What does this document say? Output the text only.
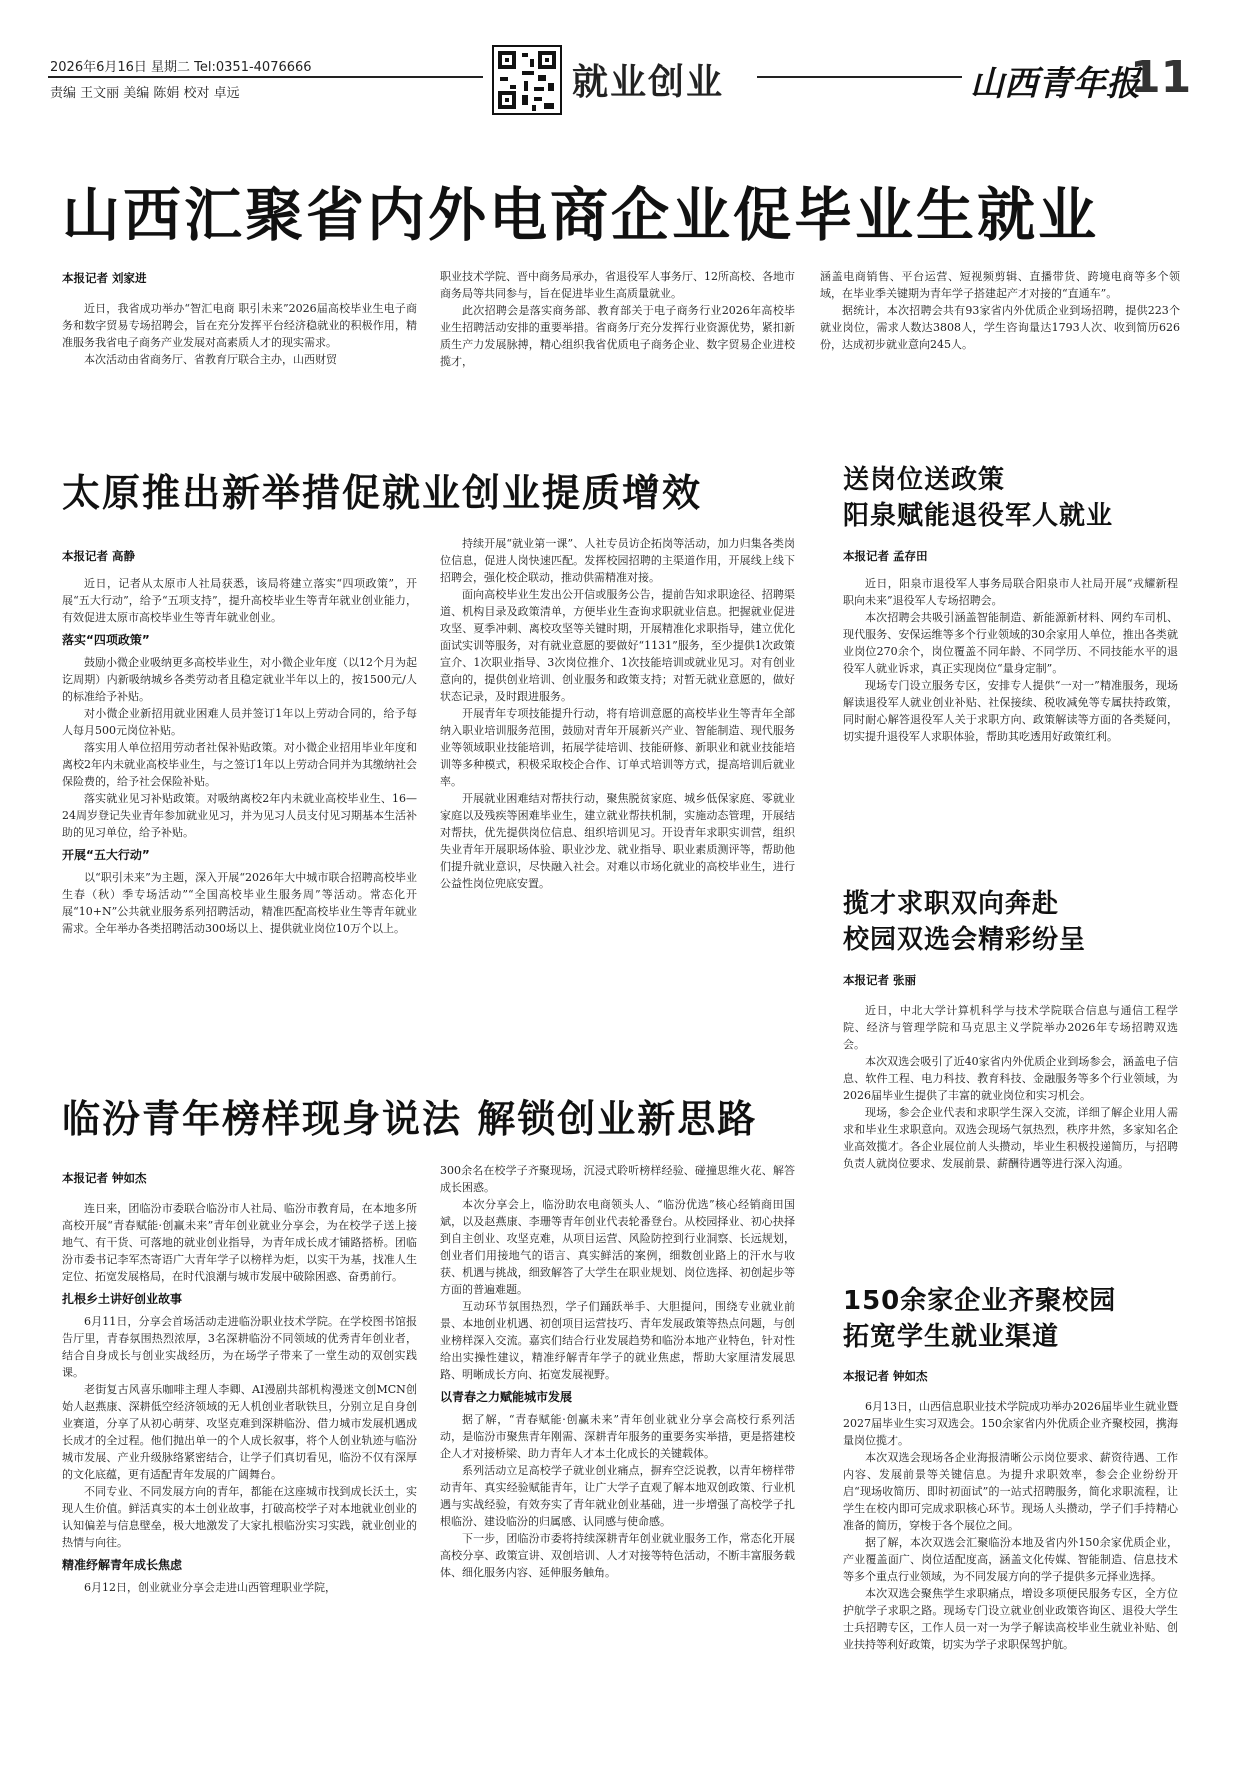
2026年6月16日 星期二 Tel:0351-4076666
责编 王文丽 美编 陈娟 校对 卓远	就业创业	山西青年报
11
山西汇聚省内外电商企业促毕业生就业
本报记者 刘家进

近日，我省成功举办“智汇电商 职引未来”2026届高校毕业生电子商务和数字贸易专场招聘会，旨在充分发挥平台经济稳就业的积极作用，精准服务我省电子商务产业发展对高素质人才的现实需求。

本次活动由省商务厅、省教育厅联合主办，山西财贸

职业技术学院、晋中商务局承办，省退役军人事务厅、12所高校、各地市商务局等共同参与，旨在促进毕业生高质量就业。

此次招聘会是落实商务部、教育部关于电子商务行业2026年高校毕业生招聘活动安排的重要举措。省商务厅充分发挥行业资源优势，紧扣新质生产力发展脉搏，精心组织我省优质电子商务企业、数字贸易企业进校揽才，

涵盖电商销售、平台运营、短视频剪辑、直播带货、跨境电商等多个领域，在毕业季关键期为青年学子搭建起产才对接的“直通车”。

据统计，本次招聘会共有93家省内外优质企业到场招聘，提供223个就业岗位，需求人数达3808人，学生咨询量达1793人次、收到简历626份，达成初步就业意向245人。

太原推出新举措促就业创业提质增效
本报记者 高静

近日，记者从太原市人社局获悉，该局将建立落实“四项政策”，开展“五大行动”，给予“五项支持”，提升高校毕业生等青年就业创业能力，有效促进太原市高校毕业生等青年就业创业。

落实“四项政策”

鼓励小微企业吸纳更多高校毕业生，对小微企业年度（以12个月为起讫周期）内新吸纳城乡各类劳动者且稳定就业半年以上的，按1500元/人的标准给予补贴。

对小微企业新招用就业困难人员并签订1年以上劳动合同的，给予每人每月500元岗位补贴。

落实用人单位招用劳动者社保补贴政策。对小微企业招用毕业年度和离校2年内未就业高校毕业生，与之签订1年以上劳动合同并为其缴纳社会保险费的，给予社会保险补贴。

落实就业见习补贴政策。对吸纳离校2年内未就业高校毕业生、16—24周岁登记失业青年参加就业见习，并为见习人员支付见习期基本生活补助的见习单位，给予补贴。

开展“五大行动”

以“职引未来”为主题，深入开展“2026年大中城市联合招聘高校毕业生春（秋）季专场活动”“全国高校毕业生服务周”等活动。常态化开展“10+N”公共就业服务系列招聘活动，精准匹配高校毕业生等青年就业需求。全年举办各类招聘活动300场以上、提供就业岗位10万个以上。

持续开展“就业第一课”、人社专员访企拓岗等活动，加力归集各类岗位信息，促进人岗快速匹配。发挥校园招聘的主渠道作用，开展线上线下招聘会，强化校企联动，推动供需精准对接。

面向高校毕业生发出公开信或服务公告，提前告知求职途径、招聘渠道、机构目录及政策清单，方便毕业生查询求职就业信息。把握就业促进攻坚、夏季冲刺、离校攻坚等关键时期，开展精准化求职指导，建立优化面试实训等服务，对有就业意愿的要做好“1131”服务，至少提供1次政策宣介、1次职业指导、3次岗位推介、1次技能培训或就业见习。对有创业意向的，提供创业培训、创业服务和政策支持；对暂无就业意愿的，做好状态记录，及时跟进服务。

开展青年专项技能提升行动，将有培训意愿的高校毕业生等青年全部纳入职业培训服务范围，鼓励对青年开展新兴产业、智能制造、现代服务业等领域职业技能培训，拓展学徒培训、技能研修、新职业和就业技能培训等多种模式，积极采取校企合作、订单式培训等方式，提高培训后就业率。

开展就业困难结对帮扶行动，聚焦脱贫家庭、城乡低保家庭、零就业家庭以及残疾等困难毕业生，建立就业帮扶机制，实施动态管理，开展结对帮扶，优先提供岗位信息、组织培训见习。开设青年求职实训营，组织失业青年开展职场体验、职业沙龙、就业指导、职业素质测评等，帮助他们提升就业意识，尽快融入社会。对难以市场化就业的高校毕业生，进行公益性岗位兜底安置。

临汾青年榜样现身说法 解锁创业新思路
本报记者 钟如杰

连日来，团临汾市委联合临汾市人社局、临汾市教育局，在本地多所高校开展“青春赋能·创赢未来”青年创业就业分享会，为在校学子送上接地气、有干货、可落地的就业创业指导，为青年成长成才铺路搭桥。团临汾市委书记李军杰寄语广大青年学子以榜样为炬，以实干为基，找准人生定位、拓宽发展格局，在时代浪潮与城市发展中破除困惑、奋勇前行。

扎根乡土讲好创业故事

6月11日，分享会首场活动走进临汾职业技术学院。在学校图书馆报告厅里，青春氛围热烈浓厚，3名深耕临汾不同领域的优秀青年创业者，结合自身成长与创业实战经历，为在场学子带来了一堂生动的双创实践课。

老街复古风喜乐咖啡主理人李卿、AI漫剧共部机构漫迷文创MCN创始人赵燕康、深耕低空经济领域的无人机创业者耿铁旦，分别立足自身创业赛道，分享了从初心萌芽、攻坚克难到深耕临汾、借力城市发展机遇成长成才的全过程。他们抛出单一的个人成长叙事，将个人创业轨迹与临汾城市发展、产业升级脉络紧密结合，让学子们真切看见，临汾不仅有深厚的文化底蕴，更有适配青年发展的广阔舞台。

不同专业、不同发展方向的青年，都能在这座城市找到成长沃土，实现人生价值。鲜活真实的本土创业故事，打破高校学子对本地就业创业的认知偏差与信息壁垒，极大地激发了大家扎根临汾实习实践，就业创业的热情与向往。

精准纾解青年成长焦虑

6月12日，创业就业分享会走进山西管理职业学院，

300余名在校学子齐聚现场，沉浸式聆听榜样经验、碰撞思维火花、解答成长困惑。

本次分享会上，临汾助农电商领头人、“临汾优选”核心经销商田国斌，以及赵燕康、李珊等青年创业代表轮番登台。从校园择业、初心抉择到自主创业、攻坚克难，从项目运营、风险防控到行业洞察、长远规划，创业者们用接地气的语言、真实鲜活的案例，细数创业路上的汗水与收获、机遇与挑战，细致解答了大学生在职业规划、岗位选择、初创起步等方面的普遍难题。

互动环节氛围热烈，学子们踊跃举手、大胆提问，围绕专业就业前景、本地创业机遇、初创项目运营技巧、青年发展政策等热点问题，与创业榜样深入交流。嘉宾们结合行业发展趋势和临汾本地产业特色，针对性给出实操性建议，精准纾解青年学子的就业焦虑，帮助大家厘清发展思路、明晰成长方向、拓宽发展视野。

以青春之力赋能城市发展

据了解，“青春赋能·创赢未来”青年创业就业分享会高校行系列活动，是临汾市聚焦青年刚需、深耕青年服务的重要务实举措，更是搭建校企人才对接桥梁、助力青年人才本土化成长的关键载体。

系列活动立足高校学子就业创业痛点，摒弃空泛说教，以青年榜样带动青年、真实经验赋能青年，让广大学子直观了解本地双创政策、行业机遇与实战经验，有效夯实了青年就业创业基础，进一步增强了高校学子扎根临汾、建设临汾的归属感、认同感与使命感。

下一步，团临汾市委将持续深耕青年创业就业服务工作，常态化开展高校分享、政策宣讲、双创培训、人才对接等特色活动，不断丰富服务载体、细化服务内容、延伸服务触角。

送岗位送政策
阳泉赋能退役军人就业
本报记者 孟存田

近日，阳泉市退役军人事务局联合阳泉市人社局开展“戎耀新程 职向未来”退役军人专场招聘会。

本次招聘会共吸引涵盖智能制造、新能源新材料、网约车司机、现代服务、安保运维等多个行业领域的30余家用人单位，推出各类就业岗位270余个，岗位覆盖不同年龄、不同学历、不同技能水平的退役军人就业诉求，真正实现岗位“量身定制”。

现场专门设立服务专区，安排专人提供“一对一”精准服务，现场解读退役军人就业创业补贴、社保接续、税收减免等专属扶持政策，同时耐心解答退役军人关于求职方向、政策解读等方面的各类疑问，切实提升退役军人求职体验，帮助其吃透用好政策红利。

揽才求职双向奔赴
校园双选会精彩纷呈
本报记者 张丽

近日，中北大学计算机科学与技术学院联合信息与通信工程学院、经济与管理学院和马克思主义学院举办2026年专场招聘双选会。

本次双选会吸引了近40家省内外优质企业到场参会，涵盖电子信息、软件工程、电力科技、教育科技、金融服务等多个行业领域，为2026届毕业生提供了丰富的就业岗位和实习机会。

现场，参会企业代表和求职学生深入交流，详细了解企业用人需求和毕业生求职意向。双选会现场气氛热烈，秩序井然，多家知名企业高效揽才。各企业展位前人头攒动，毕业生积极投递简历，与招聘负责人就岗位要求、发展前景、薪酬待遇等进行深入沟通。

150余家企业齐聚校园
拓宽学生就业渠道
本报记者 钟如杰

6月13日，山西信息职业技术学院成功举办2026届毕业生就业暨2027届毕业生实习双选会。150余家省内外优质企业齐聚校园，携海量岗位揽才。

本次双选会现场各企业海报清晰公示岗位要求、薪资待遇、工作内容、发展前景等关键信息。为提升求职效率，参会企业纷纷开启“现场收简历、即时初面试”的一站式招聘服务，简化求职流程，让学生在校内即可完成求职核心环节。现场人头攒动，学子们手持精心准备的简历，穿梭于各个展位之间。

据了解，本次双选会汇聚临汾本地及省内外150余家优质企业，产业覆盖面广、岗位适配度高，涵盖文化传媒、智能制造、信息技术等多个重点行业领域，为不同发展方向的学子提供多元择业选择。

本次双选会聚焦学生求职痛点，增设多项便民服务专区，全方位护航学子求职之路。现场专门设立就业创业政策咨询区、退役大学生士兵招聘专区，工作人员一对一为学子解读高校毕业生就业补贴、创业扶持等利好政策，切实为学子求职保驾护航。
